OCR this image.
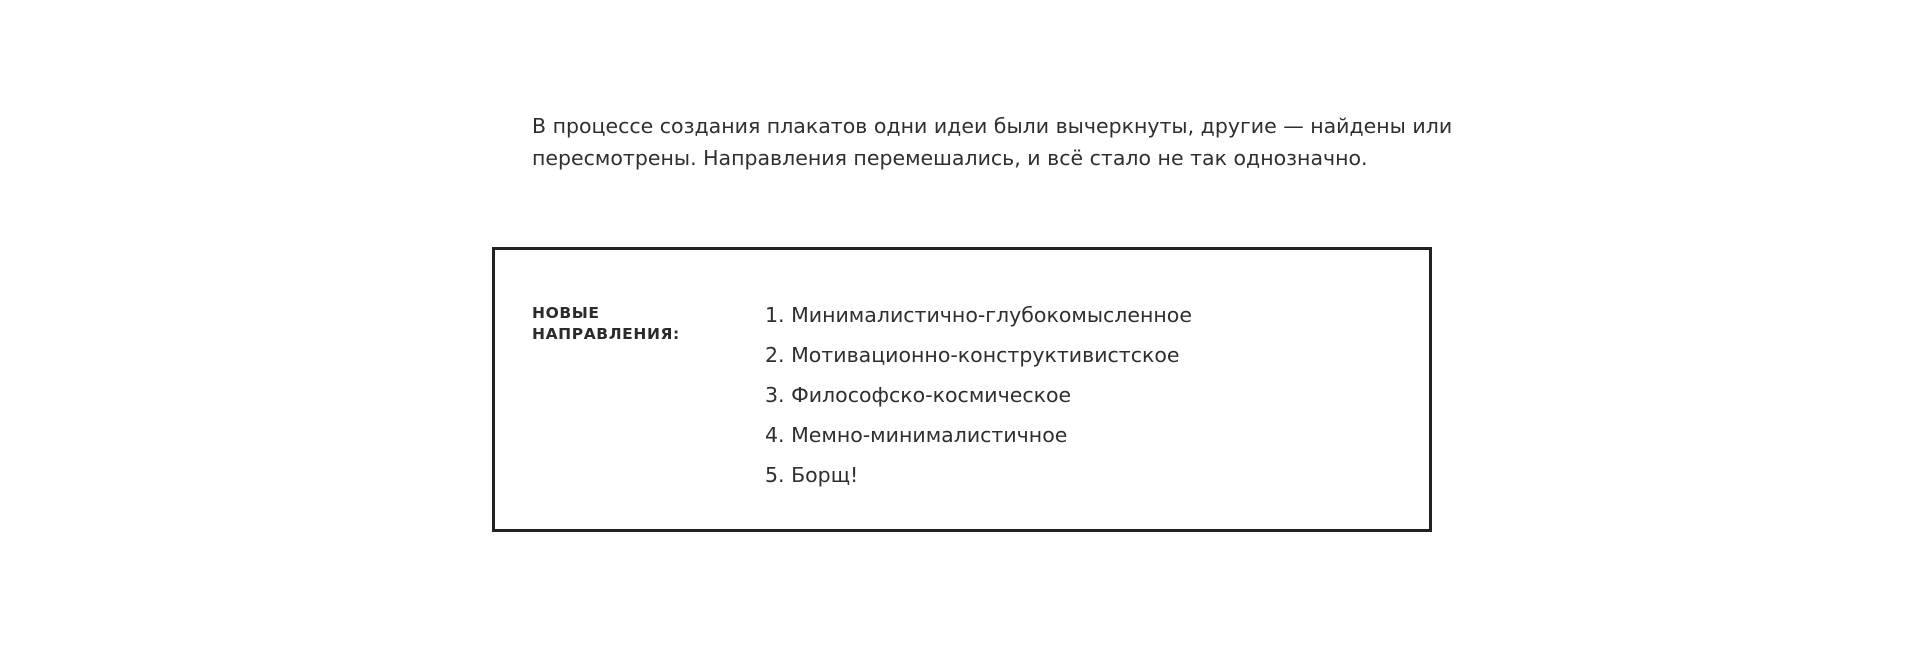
В процессе создания плакатов одни идеи были вычеркнуты, другие — найдены или
пересмотрены. Направления перемешались, и всё стало не так однозначно.

НОВЫЕ
НАПРАВЛЕНИЯ:
1. Минималистично-глубокомысленное
2. Мотивационно-конструктивистское
3. Философско-космическое
4. Мемно-минималистичное
5. Борщ!
